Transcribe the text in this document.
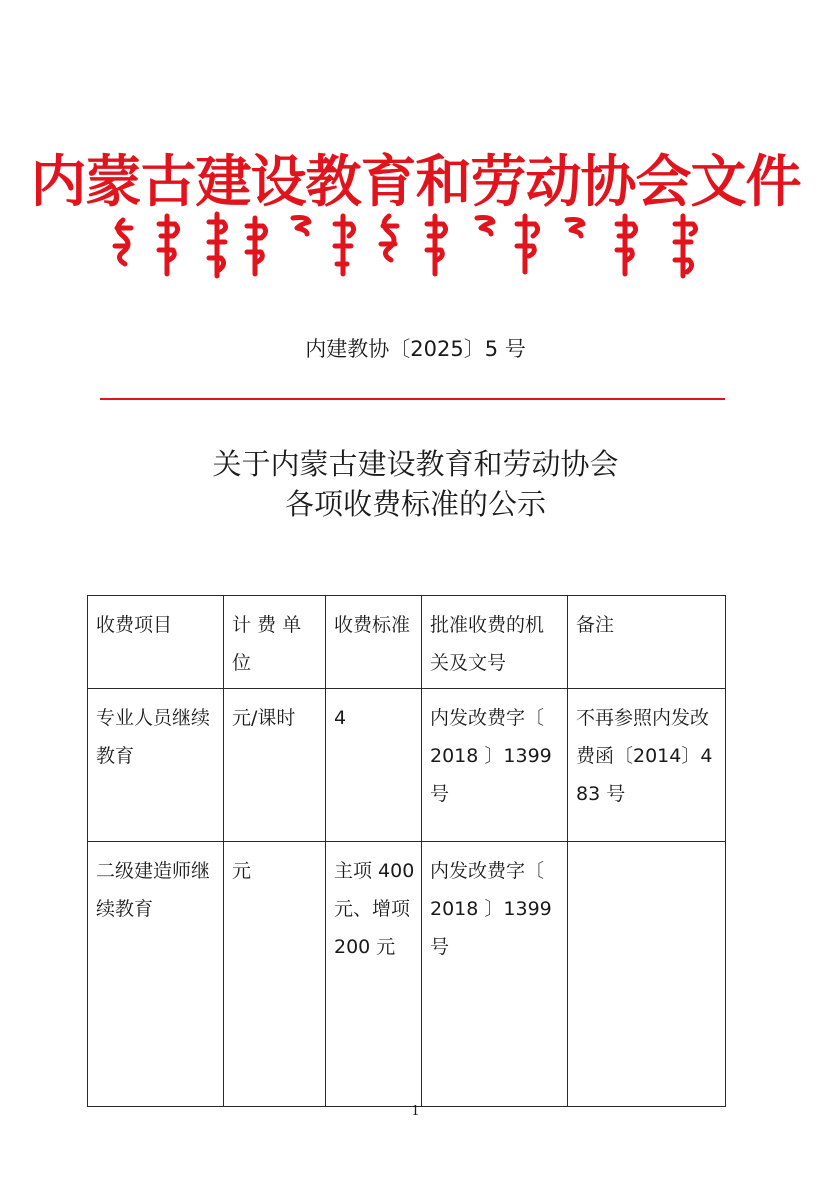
内蒙古建设教育和劳动协会文件
内建教协〔2025〕5 号
关于内蒙古建设教育和劳动协会
各项收费标准的公示
收费项目	计 费 单 位	收费标准	批准收费的机关及文号	备注
专业人员继续教育	元/课时	4	内发改费字〔 2018 〕1399 号	不再参照内发改费函〔2014〕483 号
二级建造师继续教育	元	主项 400 元、增项 200 元	内发改费字〔 2018 〕1399 号	
1
